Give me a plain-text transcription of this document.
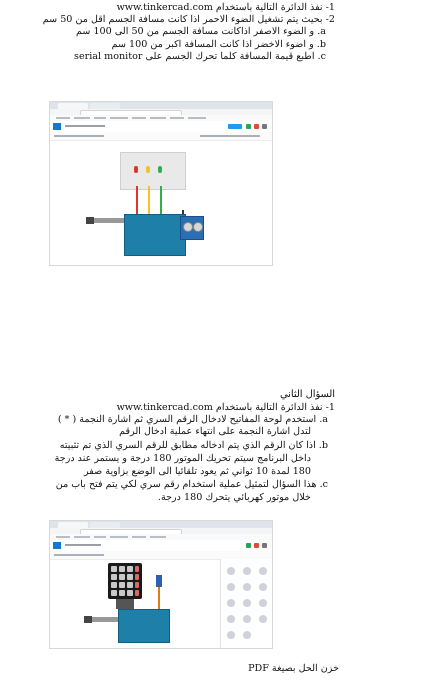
1- نفذ الدائرة التالية باستخدام www.tinkercad.com
2- بحيث يتم تشغيل الضوء الاحمر اذا كانت مسافة الجسم اقل من 50 سم
a. و الضوء الاصفر اذاكانت مسافة الجسم من 50 الى 100 سم
b. و اضوء الاخضر اذا كانت المسافة اكبر من 100 سم
c. اطبع قيمة المسافة كلما تحرك الجسم على serial monitor
السؤال الثاني
1- نفذ الدائرة التالية باستخدام www.tinkercad.com
a. استخدم لوحة المفاتيح لادخال الرقم السري ثم اشارة النجمة ( * )
لتدل اشارة النجمة على انتهاء عملية ادخال الرقم
b. اذا كان الرقم الذي يتم ادخاله مطابق للرقم السري الذي تم تثبيته
داخل البرنامج سيتم تحريك الموتور 180 درجة و يستمر عند درجة
180 لمدة 10 ثواني ثم يعود تلقائيا الى الوضع بزاوية صفر
c. هذا السؤال لتمثيل عملية استخدام رقم سري لكي يتم فتح باب من
خلال موتور كهربائي يتحرك 180 درجة.
خزن الحل بصيغة PDF
